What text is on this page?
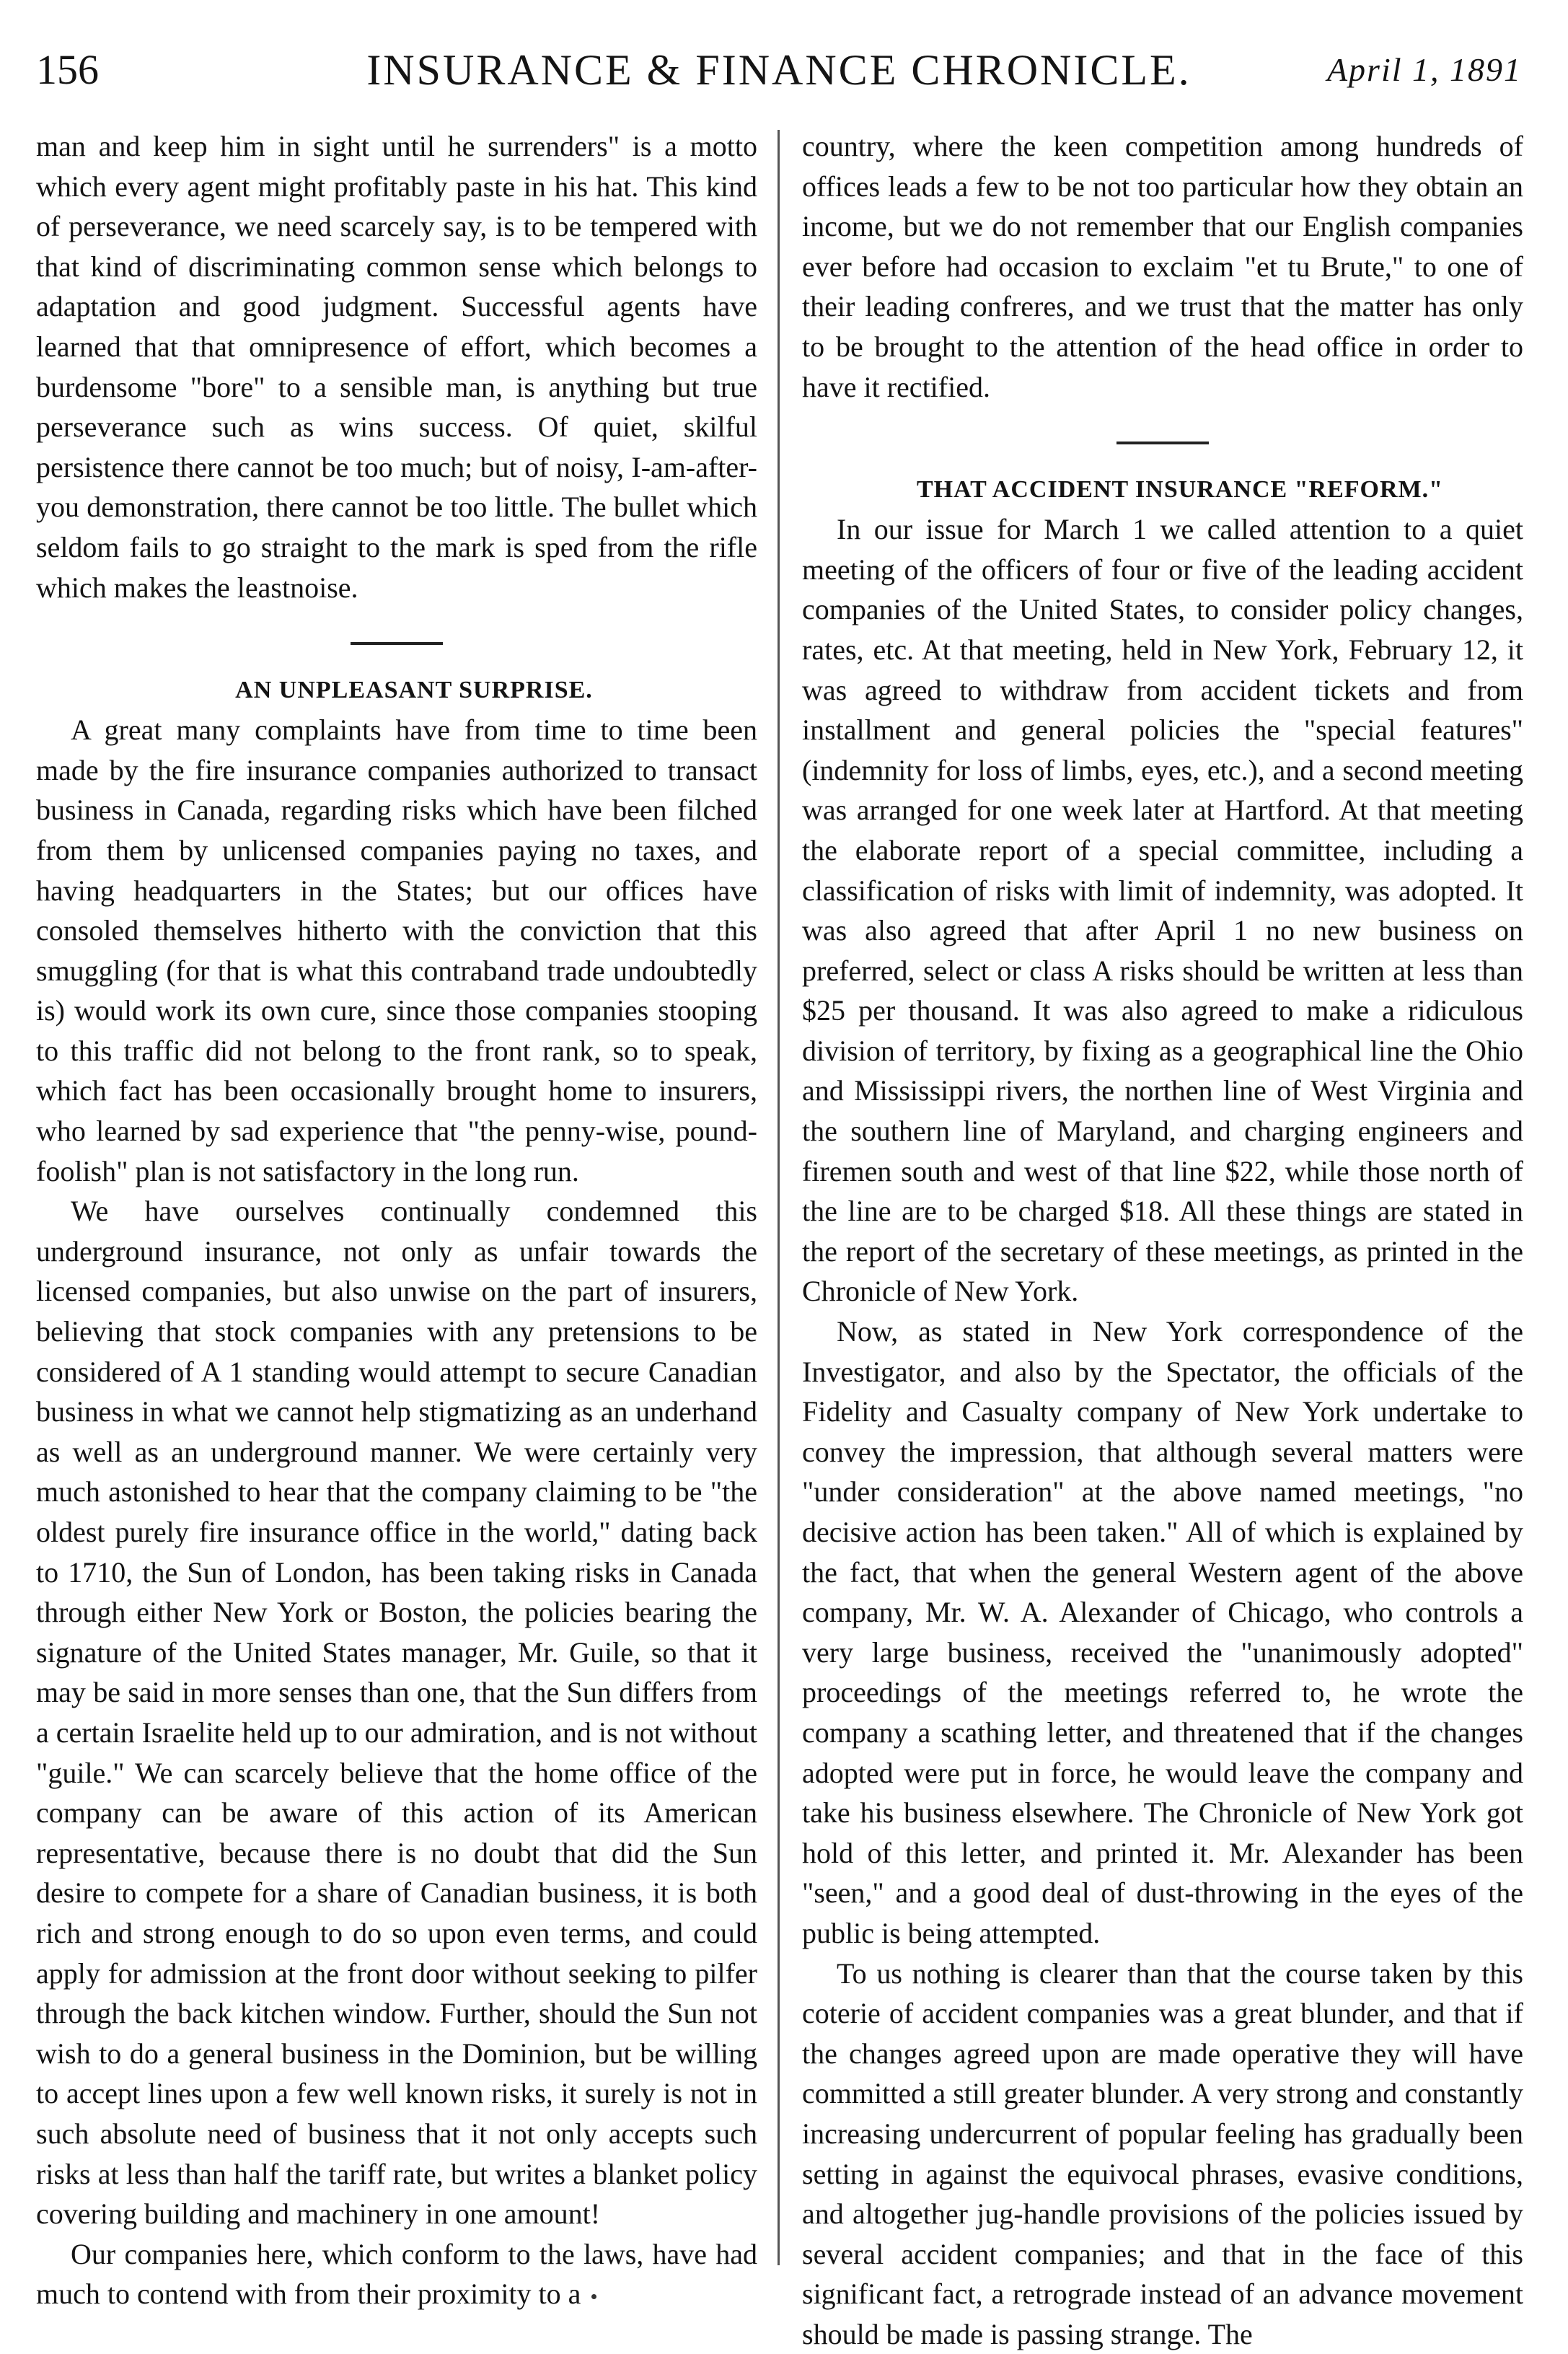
156	INSURANCE & FINANCE CHRONICLE.	April 1, 1891

man and keep him in sight until he surrenders" is a motto which every agent might profitably paste in his hat. This kind of perseverance, we need scarcely say, is to be tempered with that kind of discriminating common sense which belongs to adaptation and good judgment. Successful agents have learned that that omnipresence of effort, which becomes a burdensome "bore" to a sensible man, is anything but true perseverance such as wins success. Of quiet, skilful persistence there cannot be too much; but of noisy, I-am-after-you demonstration, there cannot be too little. The bullet which seldom fails to go straight to the mark is sped from the rifle which makes the leastnoise.

AN UNPLEASANT SURPRISE.

A great many complaints have from time to time been made by the fire insurance companies authorized to transact business in Canada, regarding risks which have been filched from them by unlicensed companies paying no taxes, and having headquarters in the States; but our offices have consoled themselves hitherto with the conviction that this smuggling (for that is what this contraband trade undoubtedly is) would work its own cure, since those companies stooping to this traffic did not belong to the front rank, so to speak, which fact has been occasionally brought home to insurers, who learned by sad experience that "the penny-wise, pound-foolish" plan is not satisfactory in the long run.

We have ourselves continually condemned this underground insurance, not only as unfair towards the licensed companies, but also unwise on the part of insurers, believing that stock companies with any pretensions to be considered of A 1 standing would attempt to secure Canadian business in what we cannot help stigmatizing as an underhand as well as an underground manner. We were certainly very much astonished to hear that the company claiming to be "the oldest purely fire insurance office in the world," dating back to 1710, the Sun of London, has been taking risks in Canada through either New York or Boston, the policies bearing the signature of the United States manager, Mr. Guile, so that it may be said in more senses than one, that the Sun differs from a certain Israelite held up to our admiration, and is not without "guile." We can scarcely believe that the home office of the company can be aware of this action of its American representative, because there is no doubt that did the Sun desire to compete for a share of Canadian business, it is both rich and strong enough to do so upon even terms, and could apply for admission at the front door without seeking to pilfer through the back kitchen window. Further, should the Sun not wish to do a general business in the Dominion, but be willing to accept lines upon a few well known risks, it surely is not in such absolute need of business that it not only accepts such risks at less than half the tariff rate, but writes a blanket policy covering building and machinery in one amount!

Our companies here, which conform to the laws, have had much to contend with from their proximity to a

country, where the keen competition among hundreds of offices leads a few to be not too particular how they obtain an income, but we do not remember that our English companies ever before had occasion to exclaim "et tu Brute," to one of their leading confreres, and we trust that the matter has only to be brought to the attention of the head office in order to have it rectified.

THAT ACCIDENT INSURANCE "REFORM."

In our issue for March 1 we called attention to a quiet meeting of the officers of four or five of the leading accident companies of the United States, to consider policy changes, rates, etc. At that meeting, held in New York, February 12, it was agreed to withdraw from accident tickets and from installment and general policies the "special features" (indemnity for loss of limbs, eyes, etc.), and a second meeting was arranged for one week later at Hartford. At that meeting the elaborate report of a special committee, including a classification of risks with limit of indemnity, was adopted. It was also agreed that after April 1 no new business on preferred, select or class A risks should be written at less than $25 per thousand. It was also agreed to make a ridiculous division of territory, by fixing as a geographical line the Ohio and Mississippi rivers, the northen line of West Virginia and the southern line of Maryland, and charging engineers and firemen south and west of that line $22, while those north of the line are to be charged $18. All these things are stated in the report of the secretary of these meetings, as printed in the Chronicle of New York.

Now, as stated in New York correspondence of the Investigator, and also by the Spectator, the officials of the Fidelity and Casualty company of New York undertake to convey the impression, that although several matters were "under consideration" at the above named meetings, "no decisive action has been taken." All of which is explained by the fact, that when the general Western agent of the above company, Mr. W. A. Alexander of Chicago, who controls a very large business, received the "unanimously adopted" proceedings of the meetings referred to, he wrote the company a scathing letter, and threatened that if the changes adopted were put in force, he would leave the company and take his business elsewhere. The Chronicle of New York got hold of this letter, and printed it. Mr. Alexander has been "seen," and a good deal of dust-throwing in the eyes of the public is being attempted.

To us nothing is clearer than that the course taken by this coterie of accident companies was a great blunder, and that if the changes agreed upon are made operative they will have committed a still greater blunder. A very strong and constantly increasing undercurrent of popular feeling has gradually been setting in against the equivocal phrases, evasive conditions, and altogether jug-handle provisions of the policies issued by several accident companies; and that in the face of this significant fact, a retrograde instead of an advance movement should be made is passing strange. The
